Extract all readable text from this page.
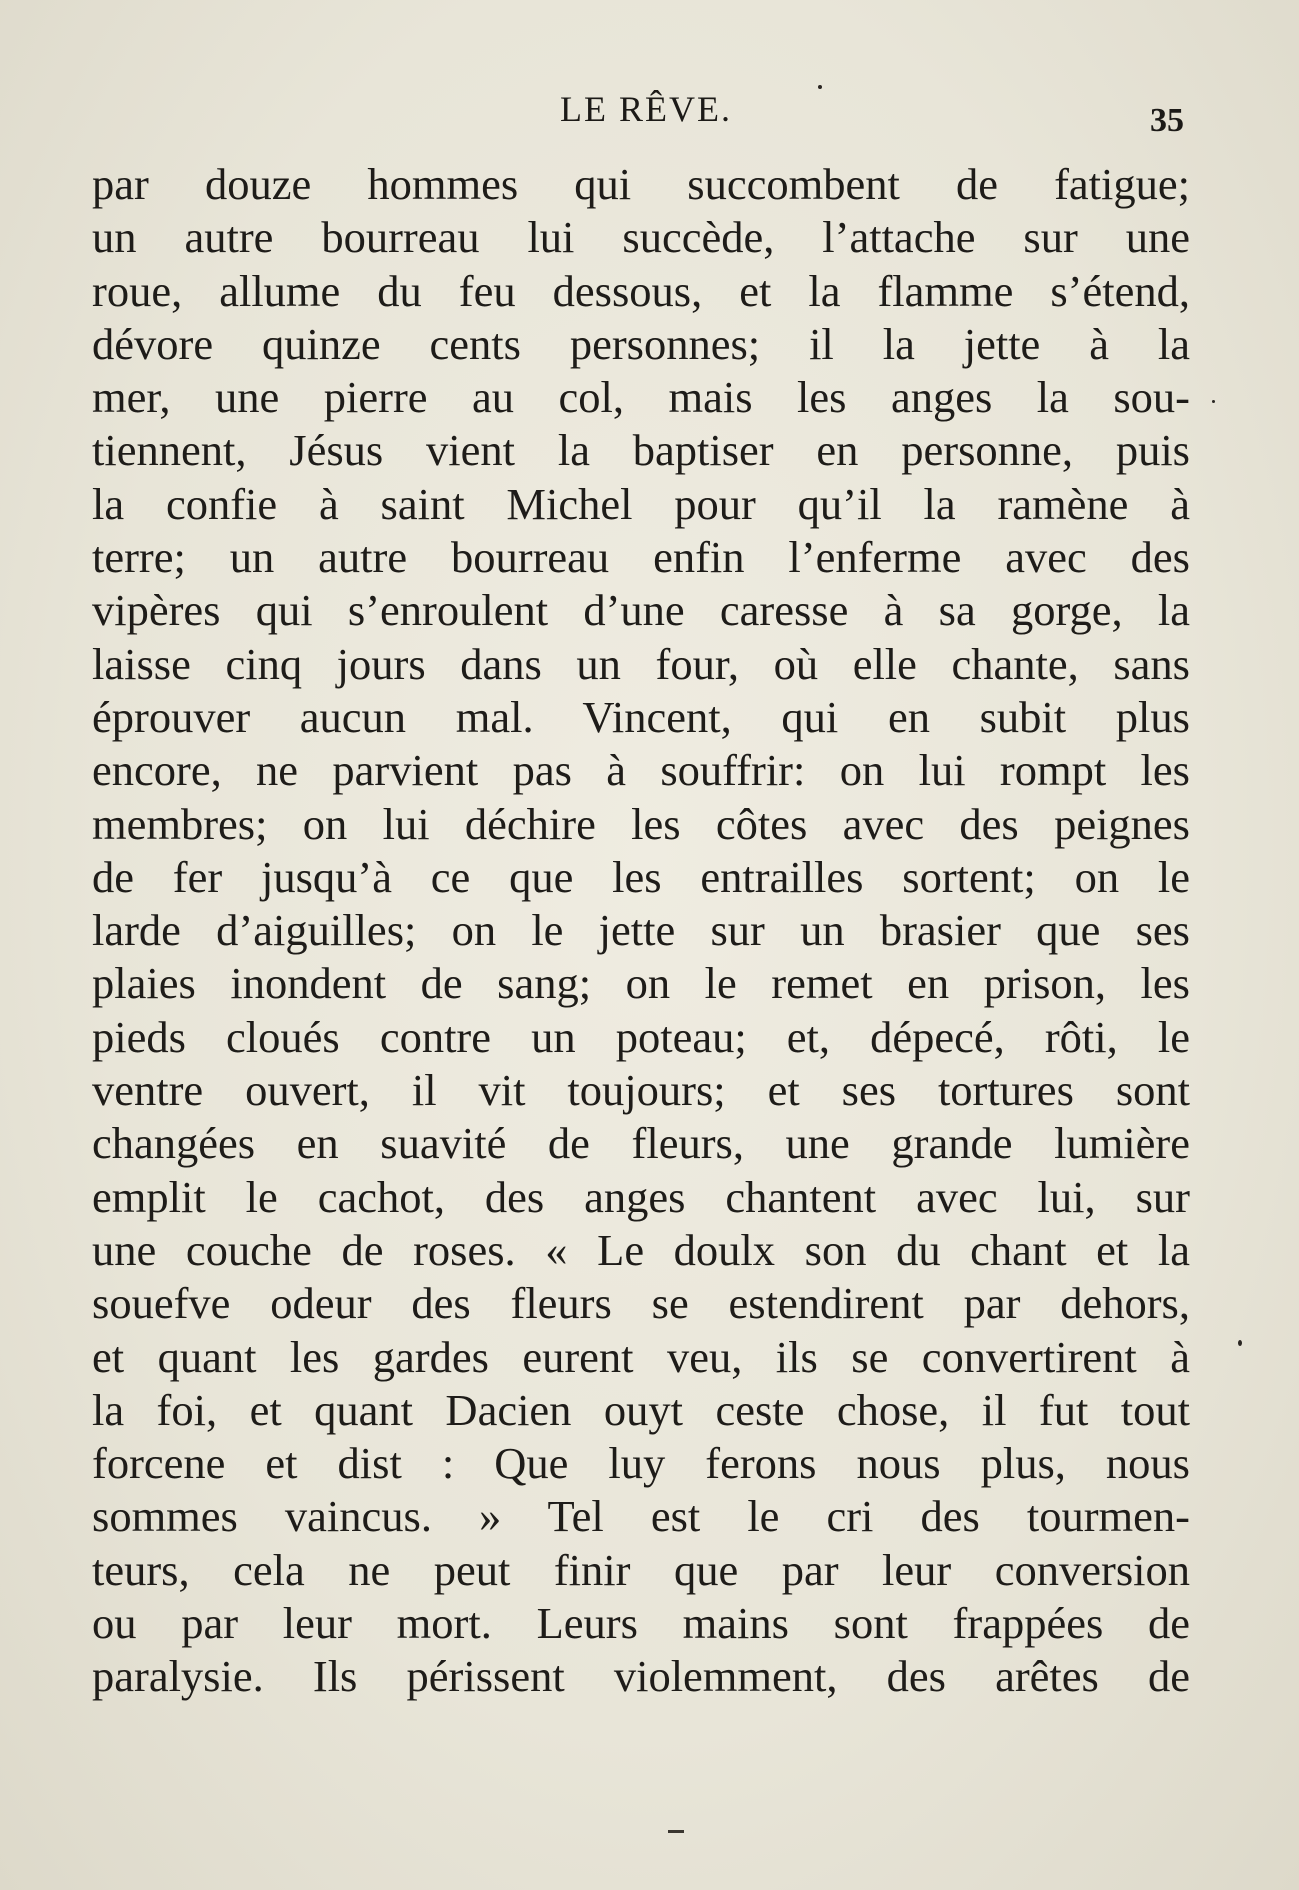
LE RÊVE.	35
par douze hommes qui succombent de fatigue;
un autre bourreau lui succède, l’attache sur une
roue, allume du feu dessous, et la flamme s’étend,
dévore quinze cents personnes; il la jette à la
mer, une pierre au col, mais les anges la sou-
tiennent, Jésus vient la baptiser en personne, puis
la confie à saint Michel pour qu’il la ramène à
terre; un autre bourreau enfin l’enferme avec des
vipères qui s’enroulent d’une caresse à sa gorge, la
laisse cinq jours dans un four, où elle chante, sans
éprouver aucun mal. Vincent, qui en subit plus
encore, ne parvient pas à souffrir: on lui rompt les
membres; on lui déchire les côtes avec des peignes
de fer jusqu’à ce que les entrailles sortent; on le
larde d’aiguilles; on le jette sur un brasier que ses
plaies inondent de sang; on le remet en prison, les
pieds cloués contre un poteau; et, dépecé, rôti, le
ventre ouvert, il vit toujours; et ses tortures sont
changées en suavité de fleurs, une grande lumière
emplit le cachot, des anges chantent avec lui, sur
une couche de roses. « Le doulx son du chant et la
souefve odeur des fleurs se estendirent par dehors,
et quant les gardes eurent veu, ils se convertirent à
la foi, et quant Dacien ouyt ceste chose, il fut tout
forcene et dist : Que luy ferons nous plus, nous
sommes vaincus. » Tel est le cri des tourmen-
teurs, cela ne peut finir que par leur conversion
ou par leur mort. Leurs mains sont frappées de
paralysie. Ils périssent violemment, des arêtes de
